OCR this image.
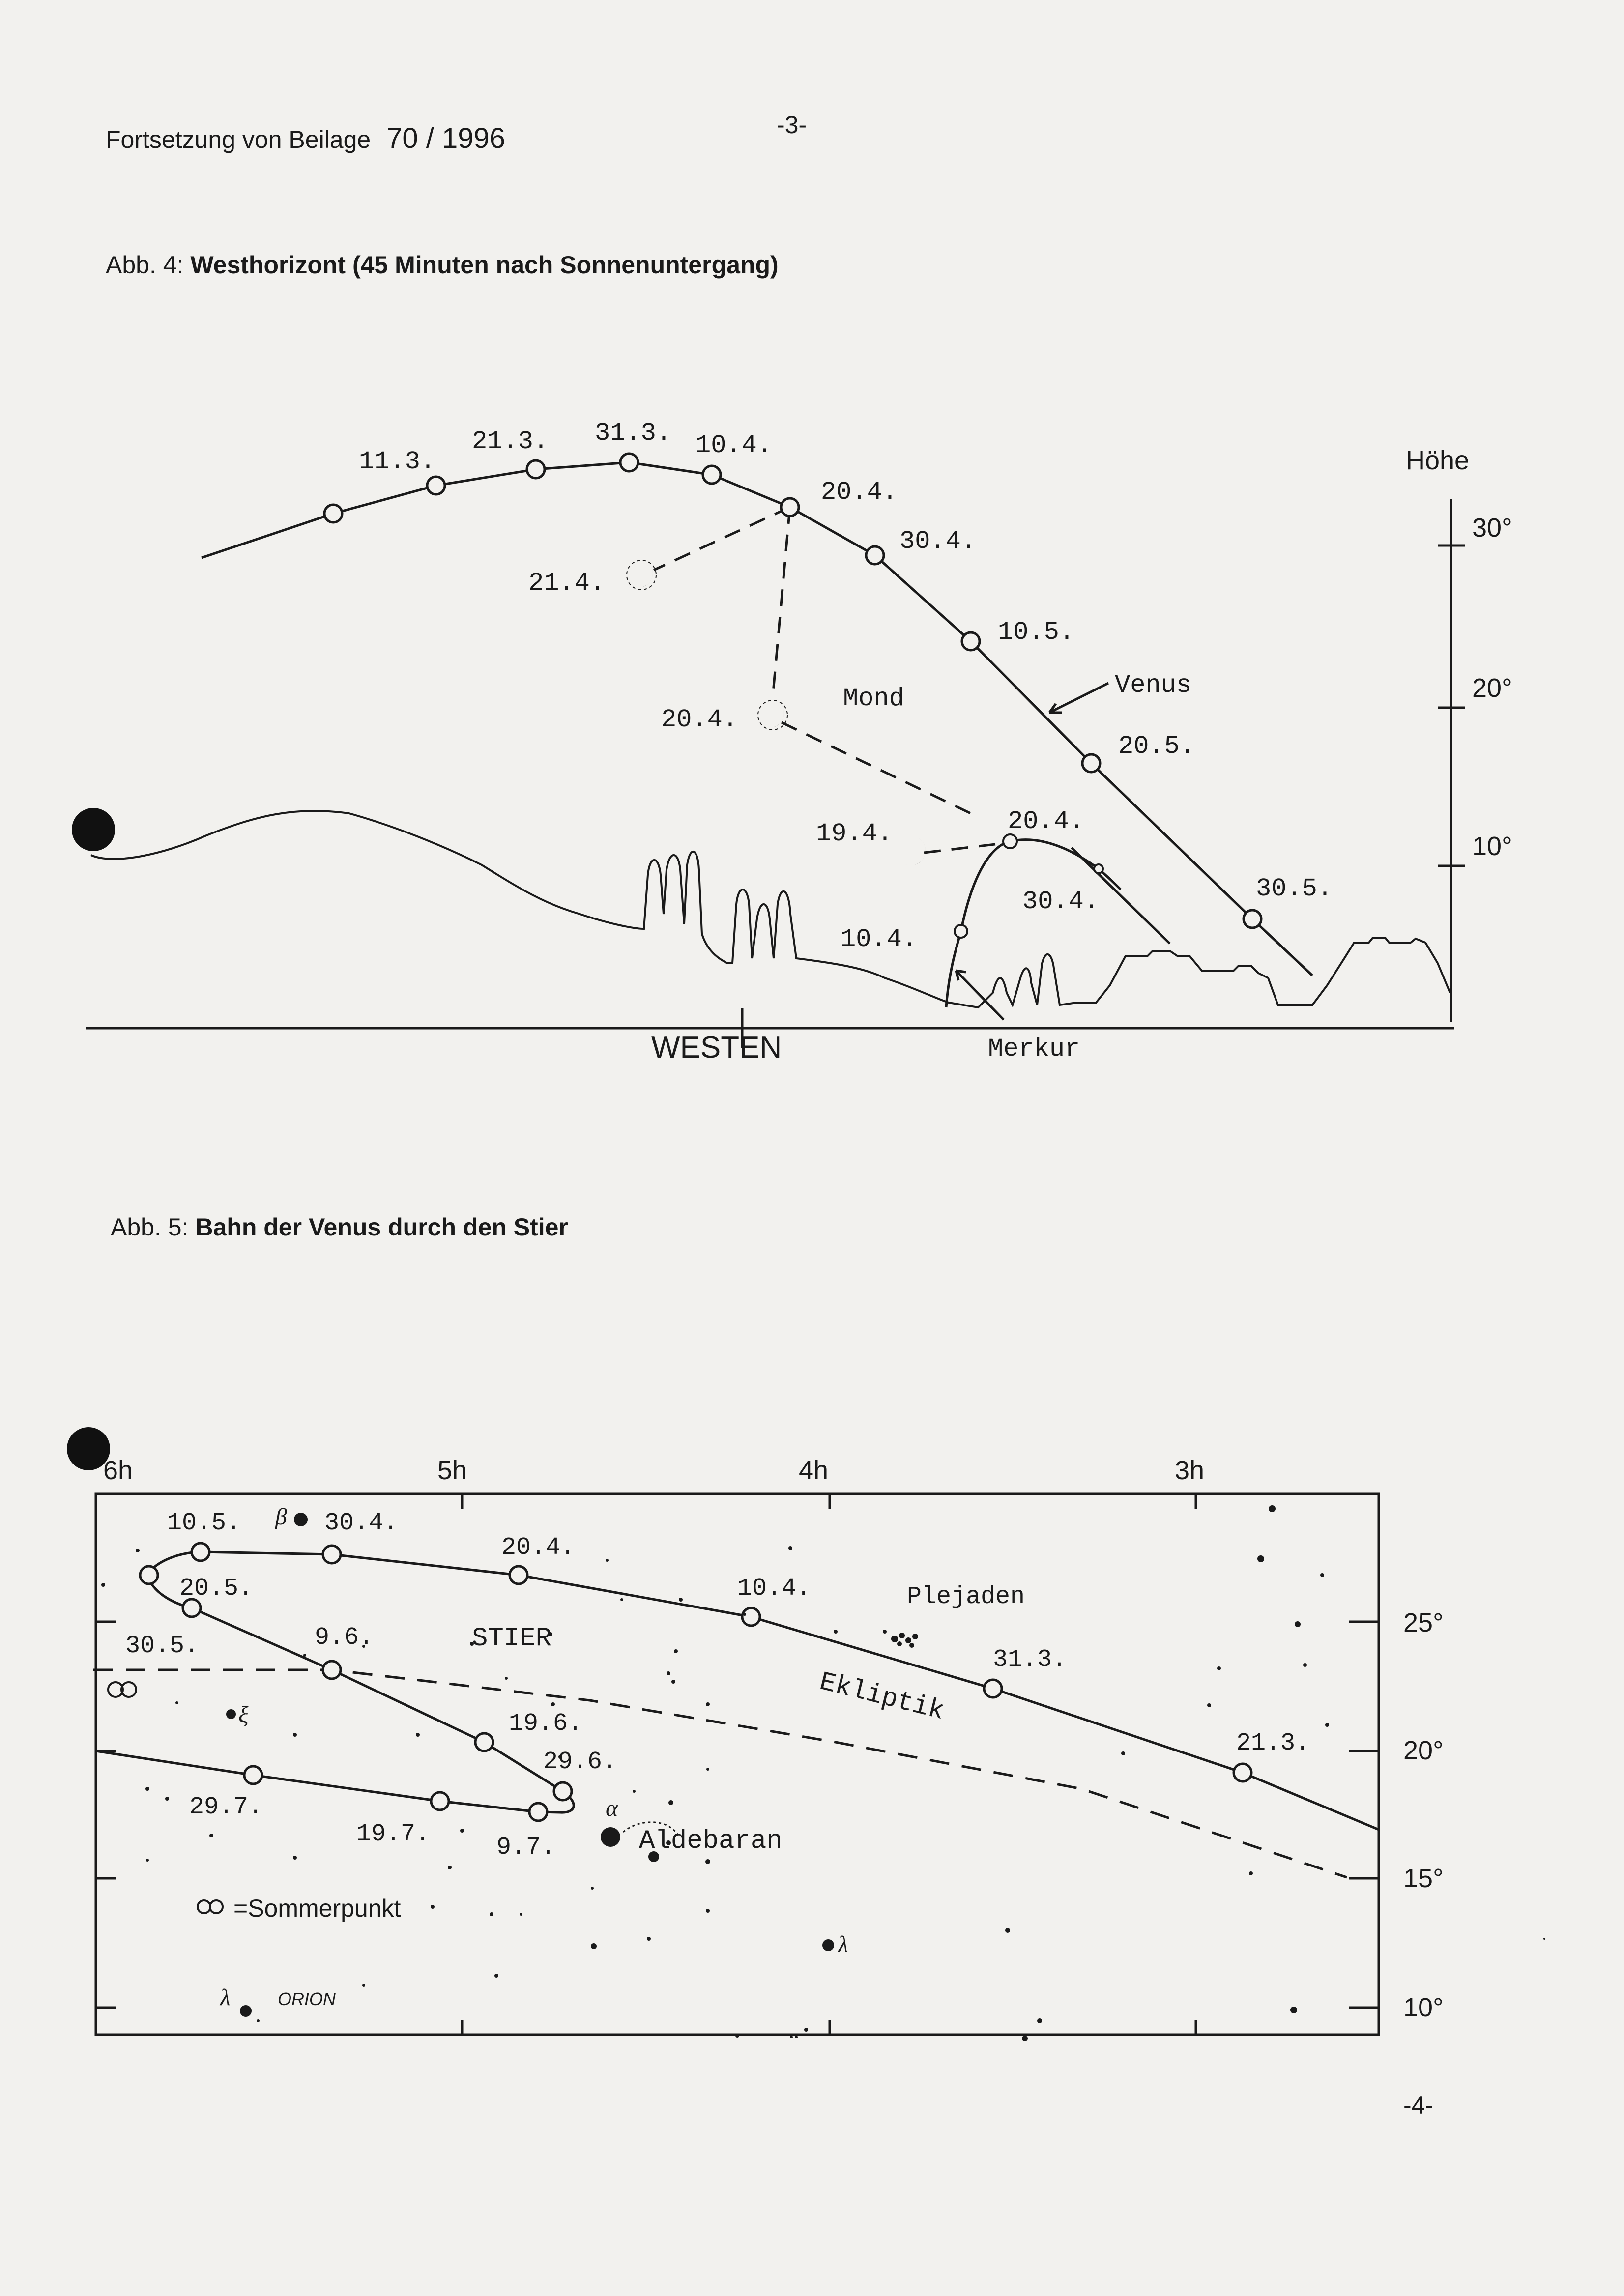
Fortsetzung von Beilage 70 / 1996	-3-
Abb. 4: Westhorizont (45 Minuten nach Sonnenuntergang)
Abb. 5: Bahn der Venus durch den Stier
-4-
11.3.
21.3. 31.3. 10.4.
20.4.
30.4.
10.5.
20.5.
30.5.
21.4.
20.4.
19.4.
10.4.
20.4.
30.4.
Mond	Venus
Merkur
Höhe
30°
20°
10°
WESTEN
21.3.
31.3.
10.4.
20.4.
30.4.
10.5.
20.5.
30.5.	9.6.
19.6.
29.6.
9.7.
19.7.
29.7.
STIER
Plejaden
Ekliptik
Aldebaran
=Sommerpunkt
α
β
ξ
λ
λ	ORION
6h	5h	4h	3h
25°
20°
15°
10°
